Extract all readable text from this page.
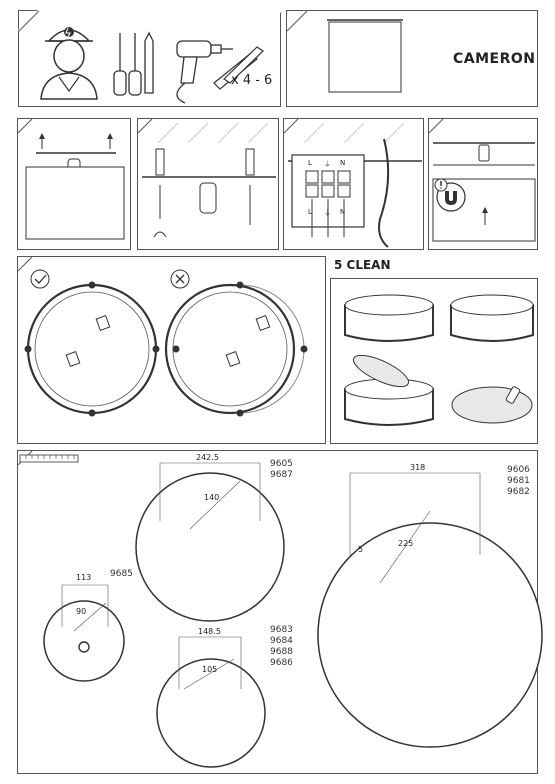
x 4 - 6
CAMERON
L ⏚ N
L ⏚ N
5 CLEAN
242.5
140
9605
9687
318
5
225
9606
9681
9682
113
90
9685
148.5
105
9683
9684
9688
9686
